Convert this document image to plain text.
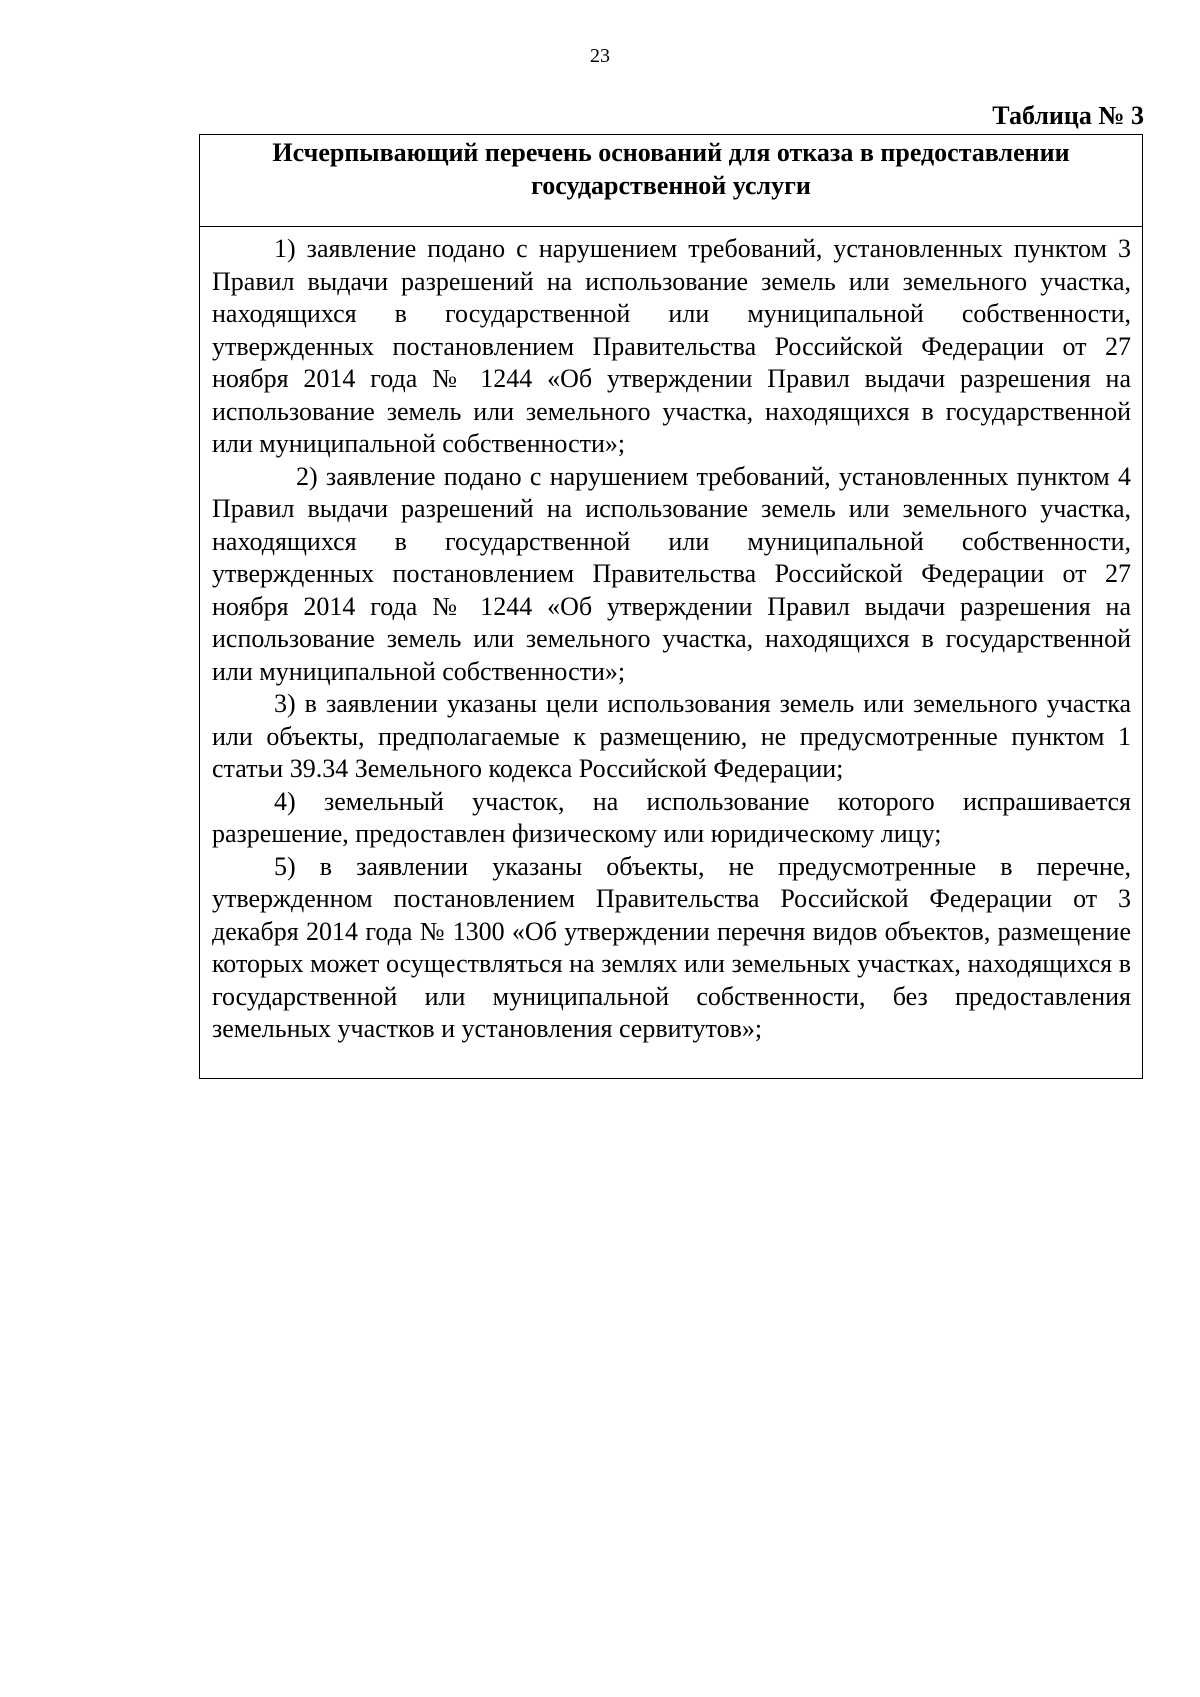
23
Таблица № 3
Исчерпывающий перечень оснований для отказа в предоставлении
государственной услуги

1) заявление подано с нарушением требований, установленных пунктом 3 Правил выдачи разрешений на использование земель или земельного участка, находящихся в государственной или муниципальной собственности, утвержденных постановлением Правительства Российской Федерации от 27 ноября 2014 года № 1244 «Об утверждении Правил выдачи разрешения на использование земель или земельного участка, находящихся в государственной или муниципальной собственности»;

2) заявление подано с нарушением требований, установленных пунктом 4 Правил выдачи разрешений на использование земель или земельного участка, находящихся в государственной или муниципальной собственности, утвержденных постановлением Правительства Российской Федерации от 27 ноября 2014 года № 1244 «Об утверждении Правил выдачи разрешения на использование земель или земельного участка, находящихся в государственной или муниципальной собственности»;

3) в заявлении указаны цели использования земель или земельного участка или объекты, предполагаемые к размещению, не предусмотренные пунктом 1 статьи 39.34 Земельного кодекса Российской Федерации;

4) земельный участок, на использование которого испрашивается разрешение, предоставлен физическому или юридическому лицу;

5) в заявлении указаны объекты, не предусмотренные в перечне, утвержденном постановлением Правительства Российской Федерации от 3 декабря 2014 года № 1300 «Об утверждении перечня видов объектов, размещение которых может осуществляться на землях или земельных участках, находящихся в государственной или муниципальной собственности, без предоставления земельных участков и установления сервитутов»;
